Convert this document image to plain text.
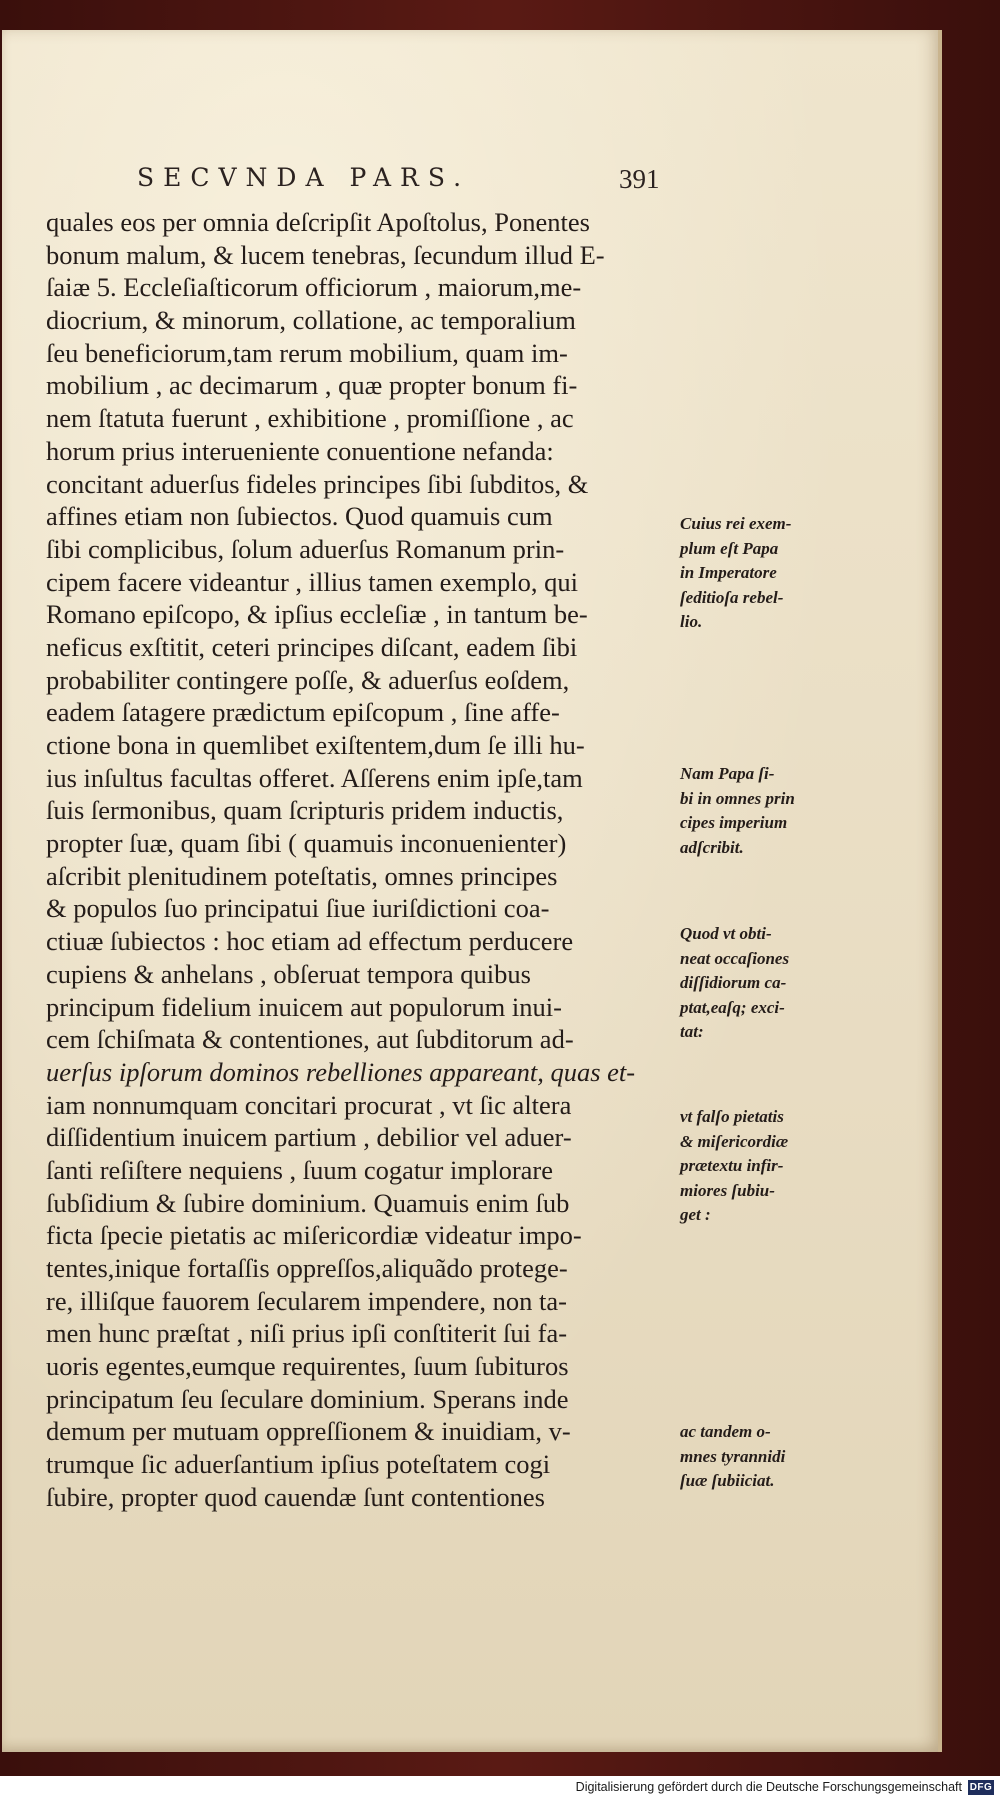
SECVNDA PARS.	391
quales eos per omnia deſcripſit Apoſtolus, Ponentes
bonum malum, & lucem tenebras, ſecundum illud E-
ſaiæ 5. Eccleſiaſticorum officiorum , maiorum,me-
diocrium, & minorum, collatione, ac temporalium
ſeu beneficiorum,tam rerum mobilium, quam im-
mobilium , ac decimarum , quæ propter bonum fi-
nem ſtatuta fuerunt , exhibitione , promiſſione , ac
horum prius interueniente conuentione nefanda:
concitant aduerſus fideles principes ſibi ſubditos, &
affines etiam non ſubiectos. Quod quamuis cum
ſibi complicibus, ſolum aduerſus Romanum prin-
cipem facere videantur , illius tamen exemplo, qui
Romano epiſcopo, & ipſius eccleſiæ , in tantum be-
neficus exſtitit, ceteri principes diſcant, eadem ſibi
probabiliter contingere poſſe, & aduerſus eoſdem,
eadem ſatagere prædictum epiſcopum , ſine affe-
ctione bona in quemlibet exiſtentem,dum ſe illi hu-
ius inſultus facultas offeret. Aſſerens enim ipſe,tam
ſuis ſermonibus, quam ſcripturis pridem inductis,
propter ſuæ, quam ſibi ( quamuis inconuenienter)
aſcribit plenitudinem poteſtatis, omnes principes
& populos ſuo principatui ſiue iuriſdictioni coa-
ctiuæ ſubiectos : hoc etiam ad effectum perducere
cupiens & anhelans , obſeruat tempora quibus
principum fidelium inuicem aut populorum inui-
cem ſchiſmata & contentiones, aut ſubditorum ad-
uerſus ipſorum dominos rebelliones appareant, quas et-
iam nonnumquam concitari procurat , vt ſic altera
diſſidentium inuicem partium , debilior vel aduer-
ſanti reſiſtere nequiens , ſuum cogatur implorare
ſubſidium & ſubire dominium. Quamuis enim ſub
ficta ſpecie pietatis ac miſericordiæ videatur impo-
tentes,inique fortaſſis oppreſſos,aliquãdo protege-
re, illiſque fauorem ſecularem impendere, non ta-
men hunc præſtat , niſi prius ipſi conſtiterit ſui fa-
uoris egentes,eumque requirentes, ſuum ſubituros
principatum ſeu ſeculare dominium. Sperans inde
demum per mutuam oppreſſionem & inuidiam, v-
trumque ſic aduerſantium ipſius poteſtatem cogi
ſubire, propter quod cauendæ ſunt contentiones
Cuius rei exem-
plum eſt Papa
in Imperatore
ſeditioſa rebel-
lio.
Nam Papa ſi-
bi in omnes prin
cipes imperium
adſcribit.
Quod vt obti-
neat occaſiones
diſſidiorum ca-
ptat,eaſq; exci-
tat:
vt falſo pietatis
& miſericordiæ
prætextu infir-
miores ſubiu-
get :
ac tandem o-
mnes tyrannidi
ſuæ ſubiiciat.
Digitalisierung gefördert durch die Deutsche Forschungsgemeinschaft DFG
